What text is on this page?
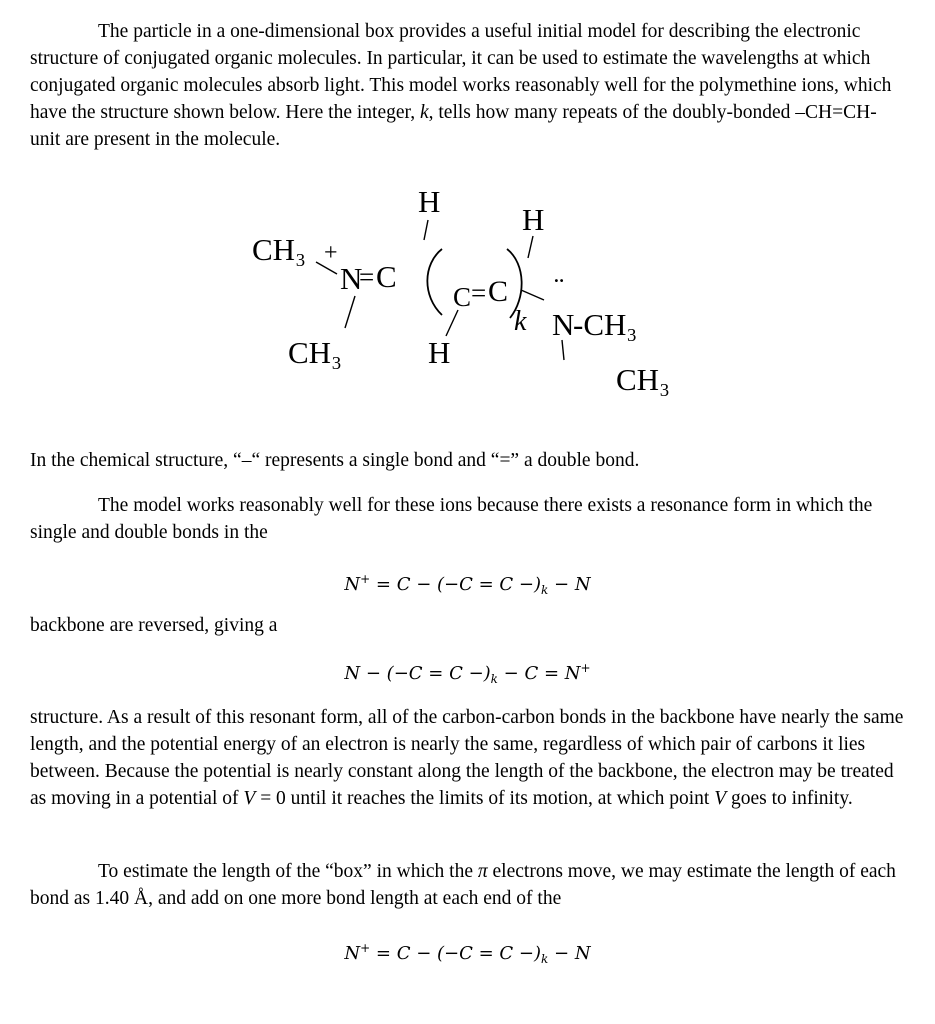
The particle in a one-dimensional box provides a useful initial model for describing the electronic structure of conjugated organic molecules. In particular, it can be used to estimate the wavelengths at which conjugated organic molecules absorb light. This model works reasonably well for the polymethine ions, which have the structure shown below. Here the integer, k, tells how many repeats of the doubly-bonded –CH=CH- unit are present in the molecule.

CH₃ +
N
= C
H
H
C = C
k
¨
N
-CH₃
CH₃	H
CH₃

In the chemical structure, “–“ represents a single bond and “=” a double bond.

The model works reasonably well for these ions because there exists a resonance form in which the single and double bonds in the

$N^+ = C - (-C = C -)_k - N$

backbone are reversed, giving a

$N - (-C = C -)_k - C = N^+$

structure. As a result of this resonant form, all of the carbon-carbon bonds in the backbone have nearly the same length, and the potential energy of an electron is nearly the same, regardless of which pair of carbons it lies between. Because the potential is nearly constant along the length of the backbone, the electron may be treated as moving in a potential of V = 0 until it reaches the limits of its motion, at which point V goes to infinity.

To estimate the length of the “box” in which the π electrons move, we may estimate the length of each bond as 1.40 Å, and add on one more bond length at each end of the

$N^+ = C - (-C = C -)_k - N$
